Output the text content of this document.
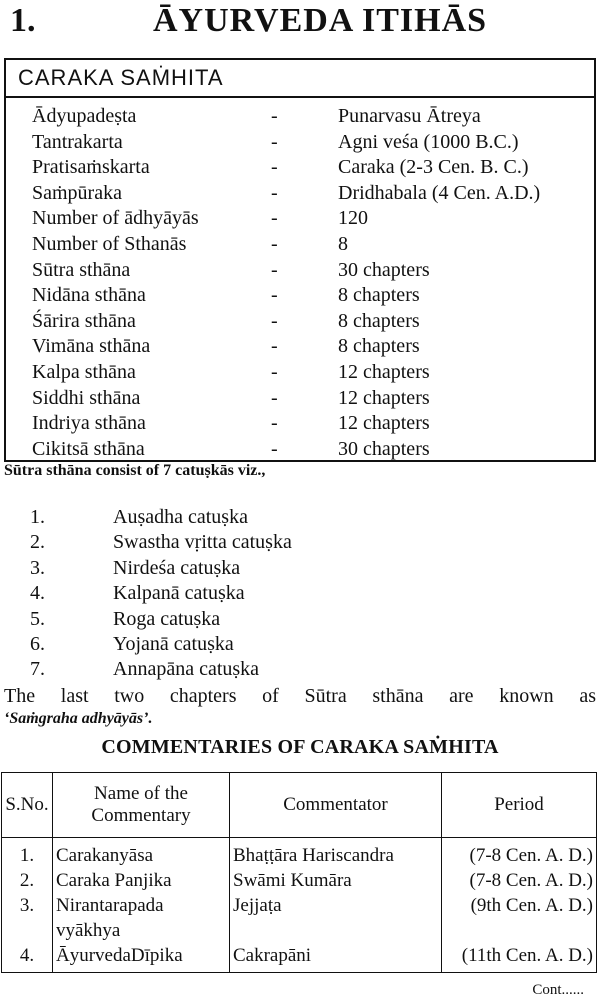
1.	ĀYURVEDA ITIHĀS
CARAKA SAṀHITA
Ādyupadeṣta	-	Punarvasu Ātreya
Tantrakarta	-	Agni veśa (1000 B.C.)
Pratisaṁskarta	-	Caraka (2-3 Cen. B. C.)
Saṁpūraka	-	Dridhabala (4 Cen. A.D.)
Number of ādhyāyās	-	120
Number of Sthanās	-	8
Sūtra sthāna	-	30 chapters
Nidāna sthāna	-	8 chapters
Śārira sthāna	-	8 chapters
Vimāna sthāna	-	8 chapters
Kalpa sthāna	-	12 chapters
Siddhi sthāna	-	12 chapters
Indriya sthāna	-	12 chapters
Cikitsā sthāna	-	30 chapters
Sūtra sthāna consist of 7 catuṣkās viz.,
1.	Auṣadha catuṣka
2.	Swastha vṛitta catuṣka
3.	Nirdeśa catuṣka
4.	Kalpanā catuṣka
5.	Roga catuṣka
6.	Yojanā catuṣka
7.	Annapāna catuṣka
The last two chapters of Sūtra sthāna are known as
‘Saṁgraha adhyāyās’.
COMMENTARIES OF CARAKA SAṀHITA
S.No.	Name of the Commentary	Commentator	Period
1.	Carakanyāsa	Bhaṭṭāra Hariscandra	(7-8 Cen. A. D.)
2.	Caraka Panjika	Swāmi Kumāra	(7-8 Cen. A. D.)
3.	Nirantarapada vyākhya	Jejjaṭa	(9th Cen. A. D.)
4.	ĀyurvedaDīpika	Cakrapāni	(11th Cen. A. D.)
Cont......
